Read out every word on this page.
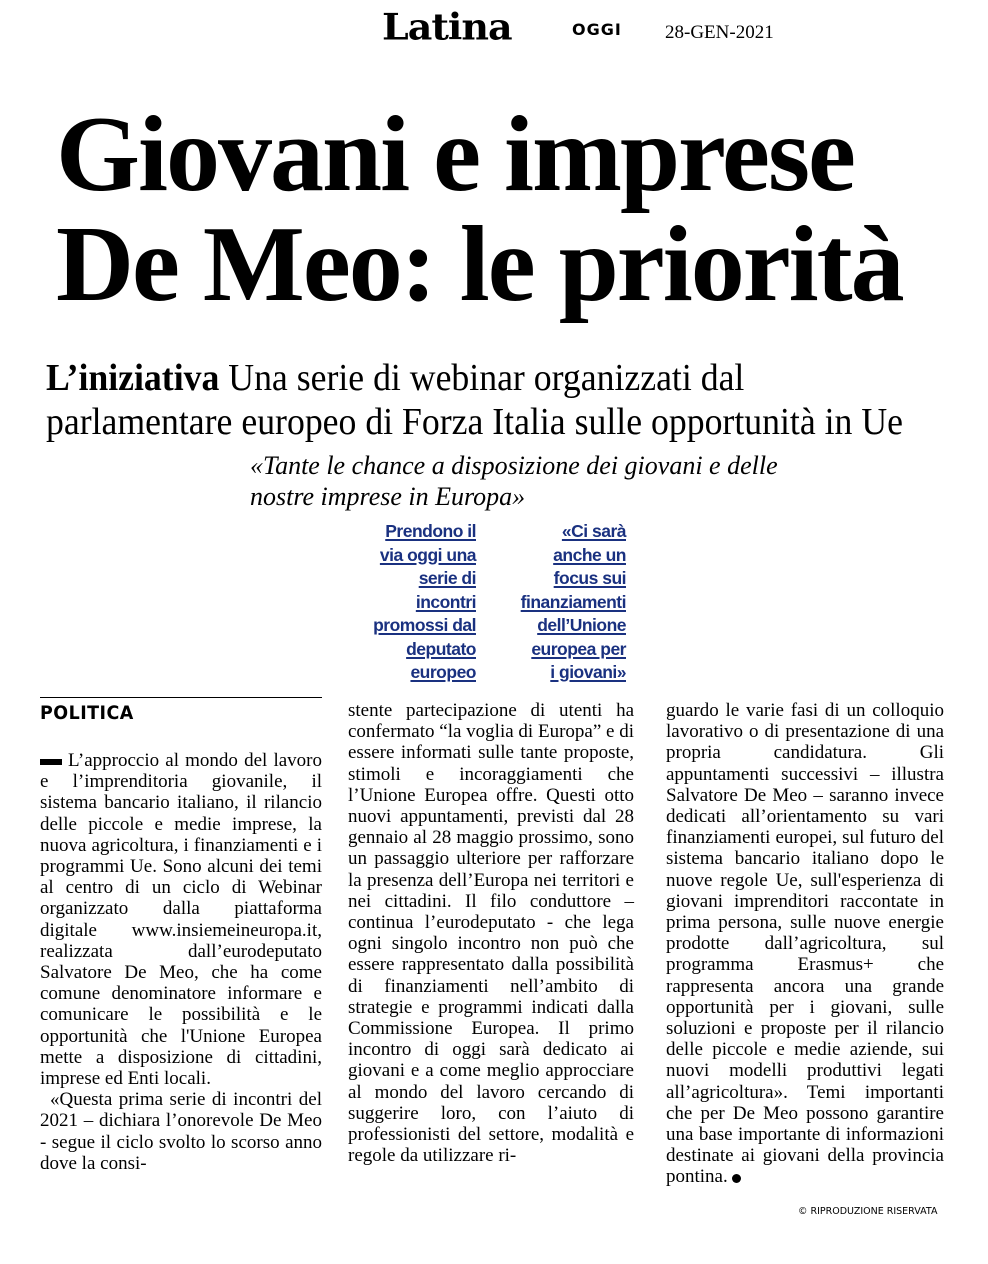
Latina	OGGI 28-GEN-2021
Giovani e imprese
De Meo: le priorità
L’iniziativa Una serie di webinar organizzati dal parlamentare europeo di Forza Italia sulle opportunità in Ue
«Tante le chance a disposizione dei giovani e delle nostre imprese in Europa»
Prendono il
via oggi una
serie di
incontri
promossi dal
deputato
europeo
«Ci sarà
anche un
focus sui
finanziamenti
dell’Unione
europea per
i giovani»
POLITICA

L’approccio al mondo del lavoro e l’imprenditoria giovanile, il sistema bancario italiano, il rilancio delle piccole e medie imprese, la nuova agricoltura, i finanziamenti e i programmi Ue. Sono alcuni dei temi al centro di un ciclo di Webinar organizzato dalla piattaforma digitale www.insiemeineuropa.it, realizzata dall’eurodeputato Salvatore De Meo, che ha come comune denominatore informare e comunicare le possibilità e le opportunità che l'Unione Europea mette a disposizione di cittadini, imprese ed Enti locali.

«Questa prima serie di incontri del 2021 – dichiara l’onorevole De Meo - segue il ciclo svolto lo scorso anno dove la consi-

stente partecipazione di utenti ha confermato “la voglia di Europa” e di essere informati sulle tante proposte, stimoli e incoraggiamenti che l’Unione Europea offre. Questi otto nuovi appuntamenti, previsti dal 28 gennaio al 28 maggio prossimo, sono un passaggio ulteriore per rafforzare la presenza dell’Europa nei territori e nei cittadini. Il filo conduttore – continua l’eurodeputato - che lega ogni singolo incontro non può che essere rappresentato dalla possibilità di finanziamenti nell’ambito di strategie e programmi indicati dalla Commissione Europea. Il primo incontro di oggi sarà dedicato ai giovani e a come meglio approcciare al mondo del lavoro cercando di suggerire loro, con l’aiuto di professionisti del settore, modalità e regole da utilizzare ri-

guardo le varie fasi di un colloquio lavorativo o di presentazione di una propria candidatura. Gli appuntamenti successivi – illustra Salvatore De Meo – saranno invece dedicati all’orientamento su vari finanziamenti europei, sul futuro del sistema bancario italiano dopo le nuove regole Ue, sull'esperienza di giovani imprenditori raccontate in prima persona, sulle nuove energie prodotte dall’agricoltura, sul programma Erasmus+ che rappresenta ancora una grande opportunità per i giovani, sulle soluzioni e proposte per il rilancio delle piccole e medie aziende, sui nuovi modelli produttivi legati all’agricoltura». Temi importanti che per De Meo possono garantire una base importante di informazioni destinate ai giovani della provincia pontina.

© RIPRODUZIONE RISERVATA
